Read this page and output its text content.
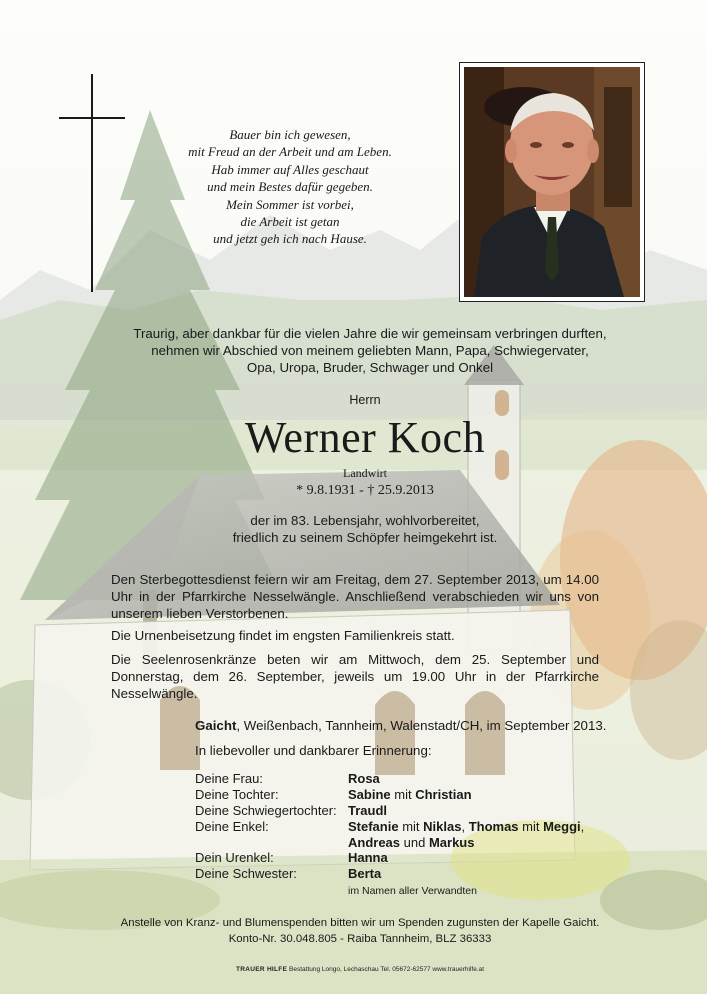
Bauer bin ich gewesen,
mit Freud an der Arbeit und am Leben.
Hab immer auf Alles geschaut
und mein Bestes dafür gegeben.
Mein Sommer ist vorbei,
die Arbeit ist getan
und jetzt geh ich nach Hause.
Traurig, aber dankbar für die vielen Jahre die wir gemeinsam verbringen durften,
nehmen wir Abschied von meinem geliebten Mann, Papa, Schwiegervater,
Opa, Uropa, Bruder, Schwager und Onkel
Herrn
Werner Koch
Landwirt
* 9.8.1931 - † 25.9.2013
der im 83. Lebensjahr, wohlvorbereitet,
friedlich zu seinem Schöpfer heimgekehrt ist.
Den Sterbegottesdienst feiern wir am Freitag, dem 27. September 2013, um 14.00 Uhr in der Pfarrkirche Nesselwängle. Anschließend verabschieden wir uns von unserem lieben Verstorbenen.
Die Urnenbeisetzung findet im engsten Familienkreis statt.
Die Seelenrosenkränze beten wir am Mittwoch, dem 25. September und Donnerstag, dem 26. September, jeweils um 19.00 Uhr in der Pfarrkirche Nesselwängle.
Gaicht, Weißenbach, Tannheim, Walenstadt/CH, im September 2013.
In liebevoller und dankbarer Erinnerung:
Deine Frau:	Rosa
Deine Tochter:	Sabine mit Christian
Deine Schwiegertochter: Traudl
Deine Enkel:	Stefanie mit Niklas, Thomas mit Meggi,
Andreas und Markus
Dein Urenkel:	Hanna
Deine Schwester:	Berta
im Namen aller Verwandten
Anstelle von Kranz- und Blumenspenden bitten wir um Spenden zugunsten der Kapelle Gaicht.
Konto-Nr. 30.048.805 - Raiba Tannheim, BLZ 36333
TRAUER HILFE Bestattung Longo, Lechaschau Tel. 05672-62577 www.trauerhilfe.at
